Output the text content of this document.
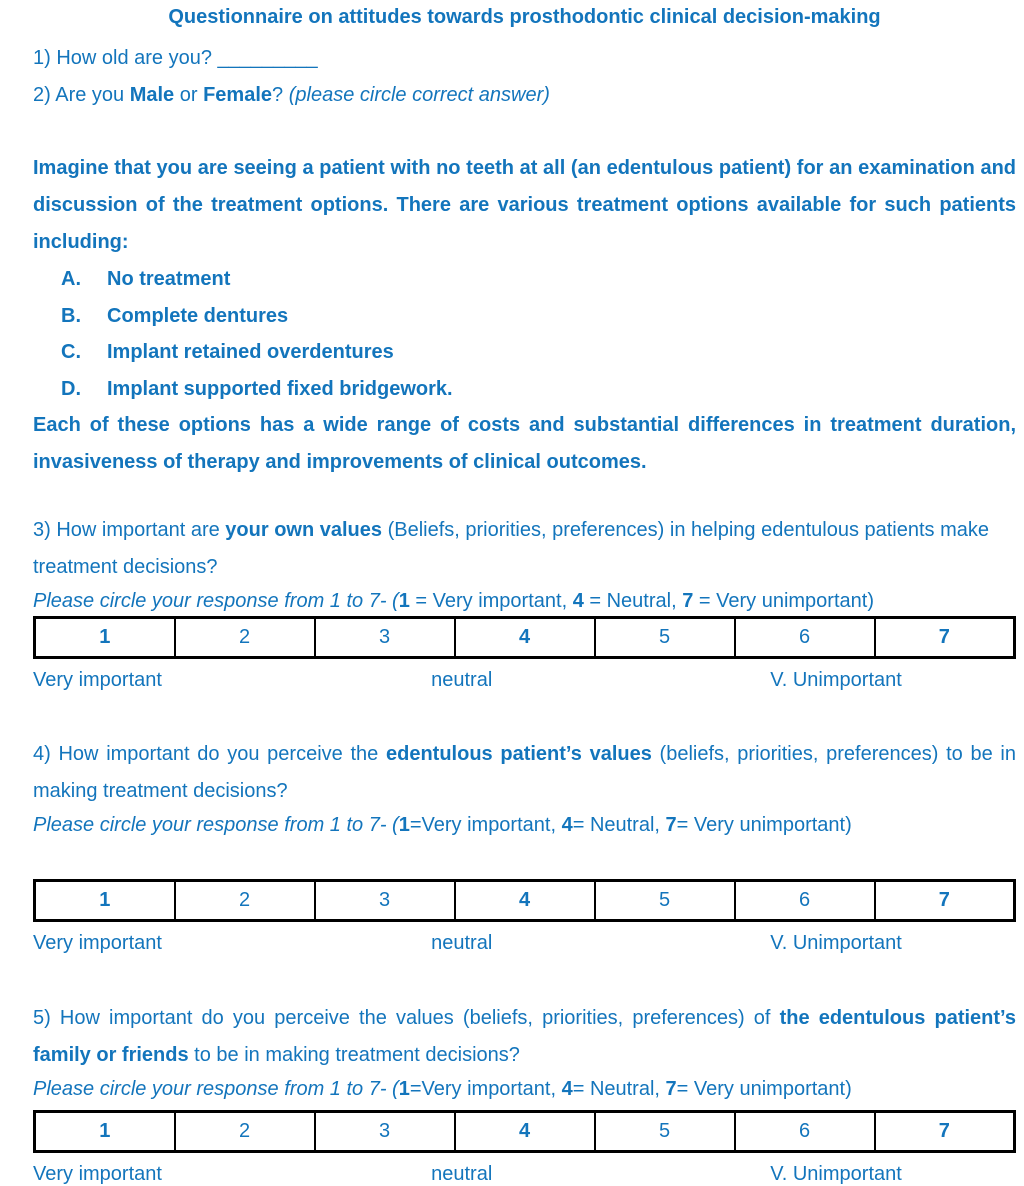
Questionnaire on attitudes towards prosthodontic clinical decision-making

1) How old are you? _________

2) Are you Male or Female? (please circle correct answer)

Imagine that you are seeing a patient with no teeth at all (an edentulous patient) for an examination and discussion of the treatment options. There are various treatment options available for such patients including:

A. No treatment
B. Complete dentures
C. Implant retained overdentures
D. Implant supported fixed bridgework.

Each of these options has a wide range of costs and substantial differences in treatment duration, invasiveness of therapy and improvements of clinical outcomes.

3) How important are your own values (Beliefs, priorities, preferences) in helping edentulous patients make treatment decisions?

Please circle your response from 1 to 7- (1 = Very important, 4 = Neutral, 7 = Very unimportant)

1	2	3	4	5	6	7
Very important	neutral	V. Unimportant

4) How important do you perceive the edentulous patient’s values (beliefs, priorities, preferences) to be in making treatment decisions?

Please circle your response from 1 to 7- (1=Very important, 4= Neutral, 7= Very unimportant)

1	2	3	4	5	6	7
Very important	neutral	V. Unimportant

5) How important do you perceive the values (beliefs, priorities, preferences) of the edentulous patient’s family or friends to be in making treatment decisions?

Please circle your response from 1 to 7- (1=Very important, 4= Neutral, 7= Very unimportant)

1	2	3	4	5	6	7
Very important	neutral	V. Unimportant
